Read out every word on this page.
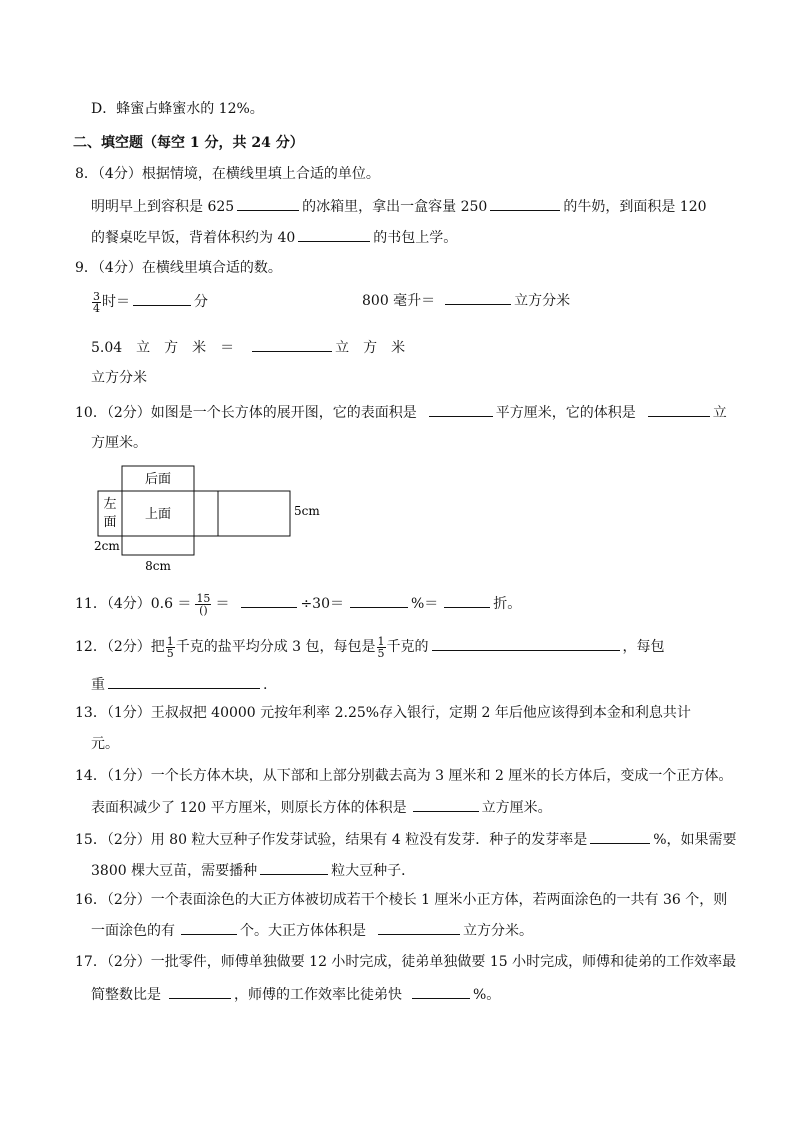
D．蜂蜜占蜂蜜水的 12%。
二、填空题（每空 1 分，共 24 分）
8．（4分）根据情境，在横线里填上合适的单位。
明明早上到容积是 625	的冰箱里，拿出一盒容量 250	的牛奶，到面积是 120
的餐桌吃早饭，背着体积约为 40	的书包上学。
9．（4分）在横线里填合适的数。
$\frac{3}{4}$ 时＝	分	800 毫升＝	立方分米
5.04　立　方　米　＝	立　方　米
立方分米
10．（2分）如图是一个长方体的展开图，它的表面积是	平方厘米，它的体积是	立
方厘米。
后面
左
面
上面	5cm
2cm
8cm
11．（4分）$0.6 = \frac{15}{()}$ ＝	÷30＝	%＝	折。
12．（2分）把 $\frac{1}{5}$ 千克的盐平均分成 3 包，每包是 $\frac{1}{5}$ 千克的	，每包
重	.
13．（1分）王叔叔把 40000 元按年利率 2.25%存入银行，定期 2 年后他应该得到本金和利息共计
元。
14．（1分）一个长方体木块，从下部和上部分别截去高为 3 厘米和 2 厘米的长方体后，变成一个正方体。
表面积减少了 120 平方厘米，则原长方体的体积是	立方厘米。
15．（2分）用 80 粒大豆种子作发芽试验，结果有 4 粒没有发芽．种子的发芽率是	%，如果需要
3800 棵大豆苗，需要播种	粒大豆种子．
16．（2分）一个表面涂色的大正方体被切成若干个棱长 1 厘米小正方体，若两面涂色的一共有 36 个，则
一面涂色的有	个。大正方体体积是	立方分米。
17．（2分）一批零件，师傅单独做要 12 小时完成，徒弟单独做要 15 小时完成，师傅和徒弟的工作效率最
简整数比是	，师傅的工作效率比徒弟快	%。
